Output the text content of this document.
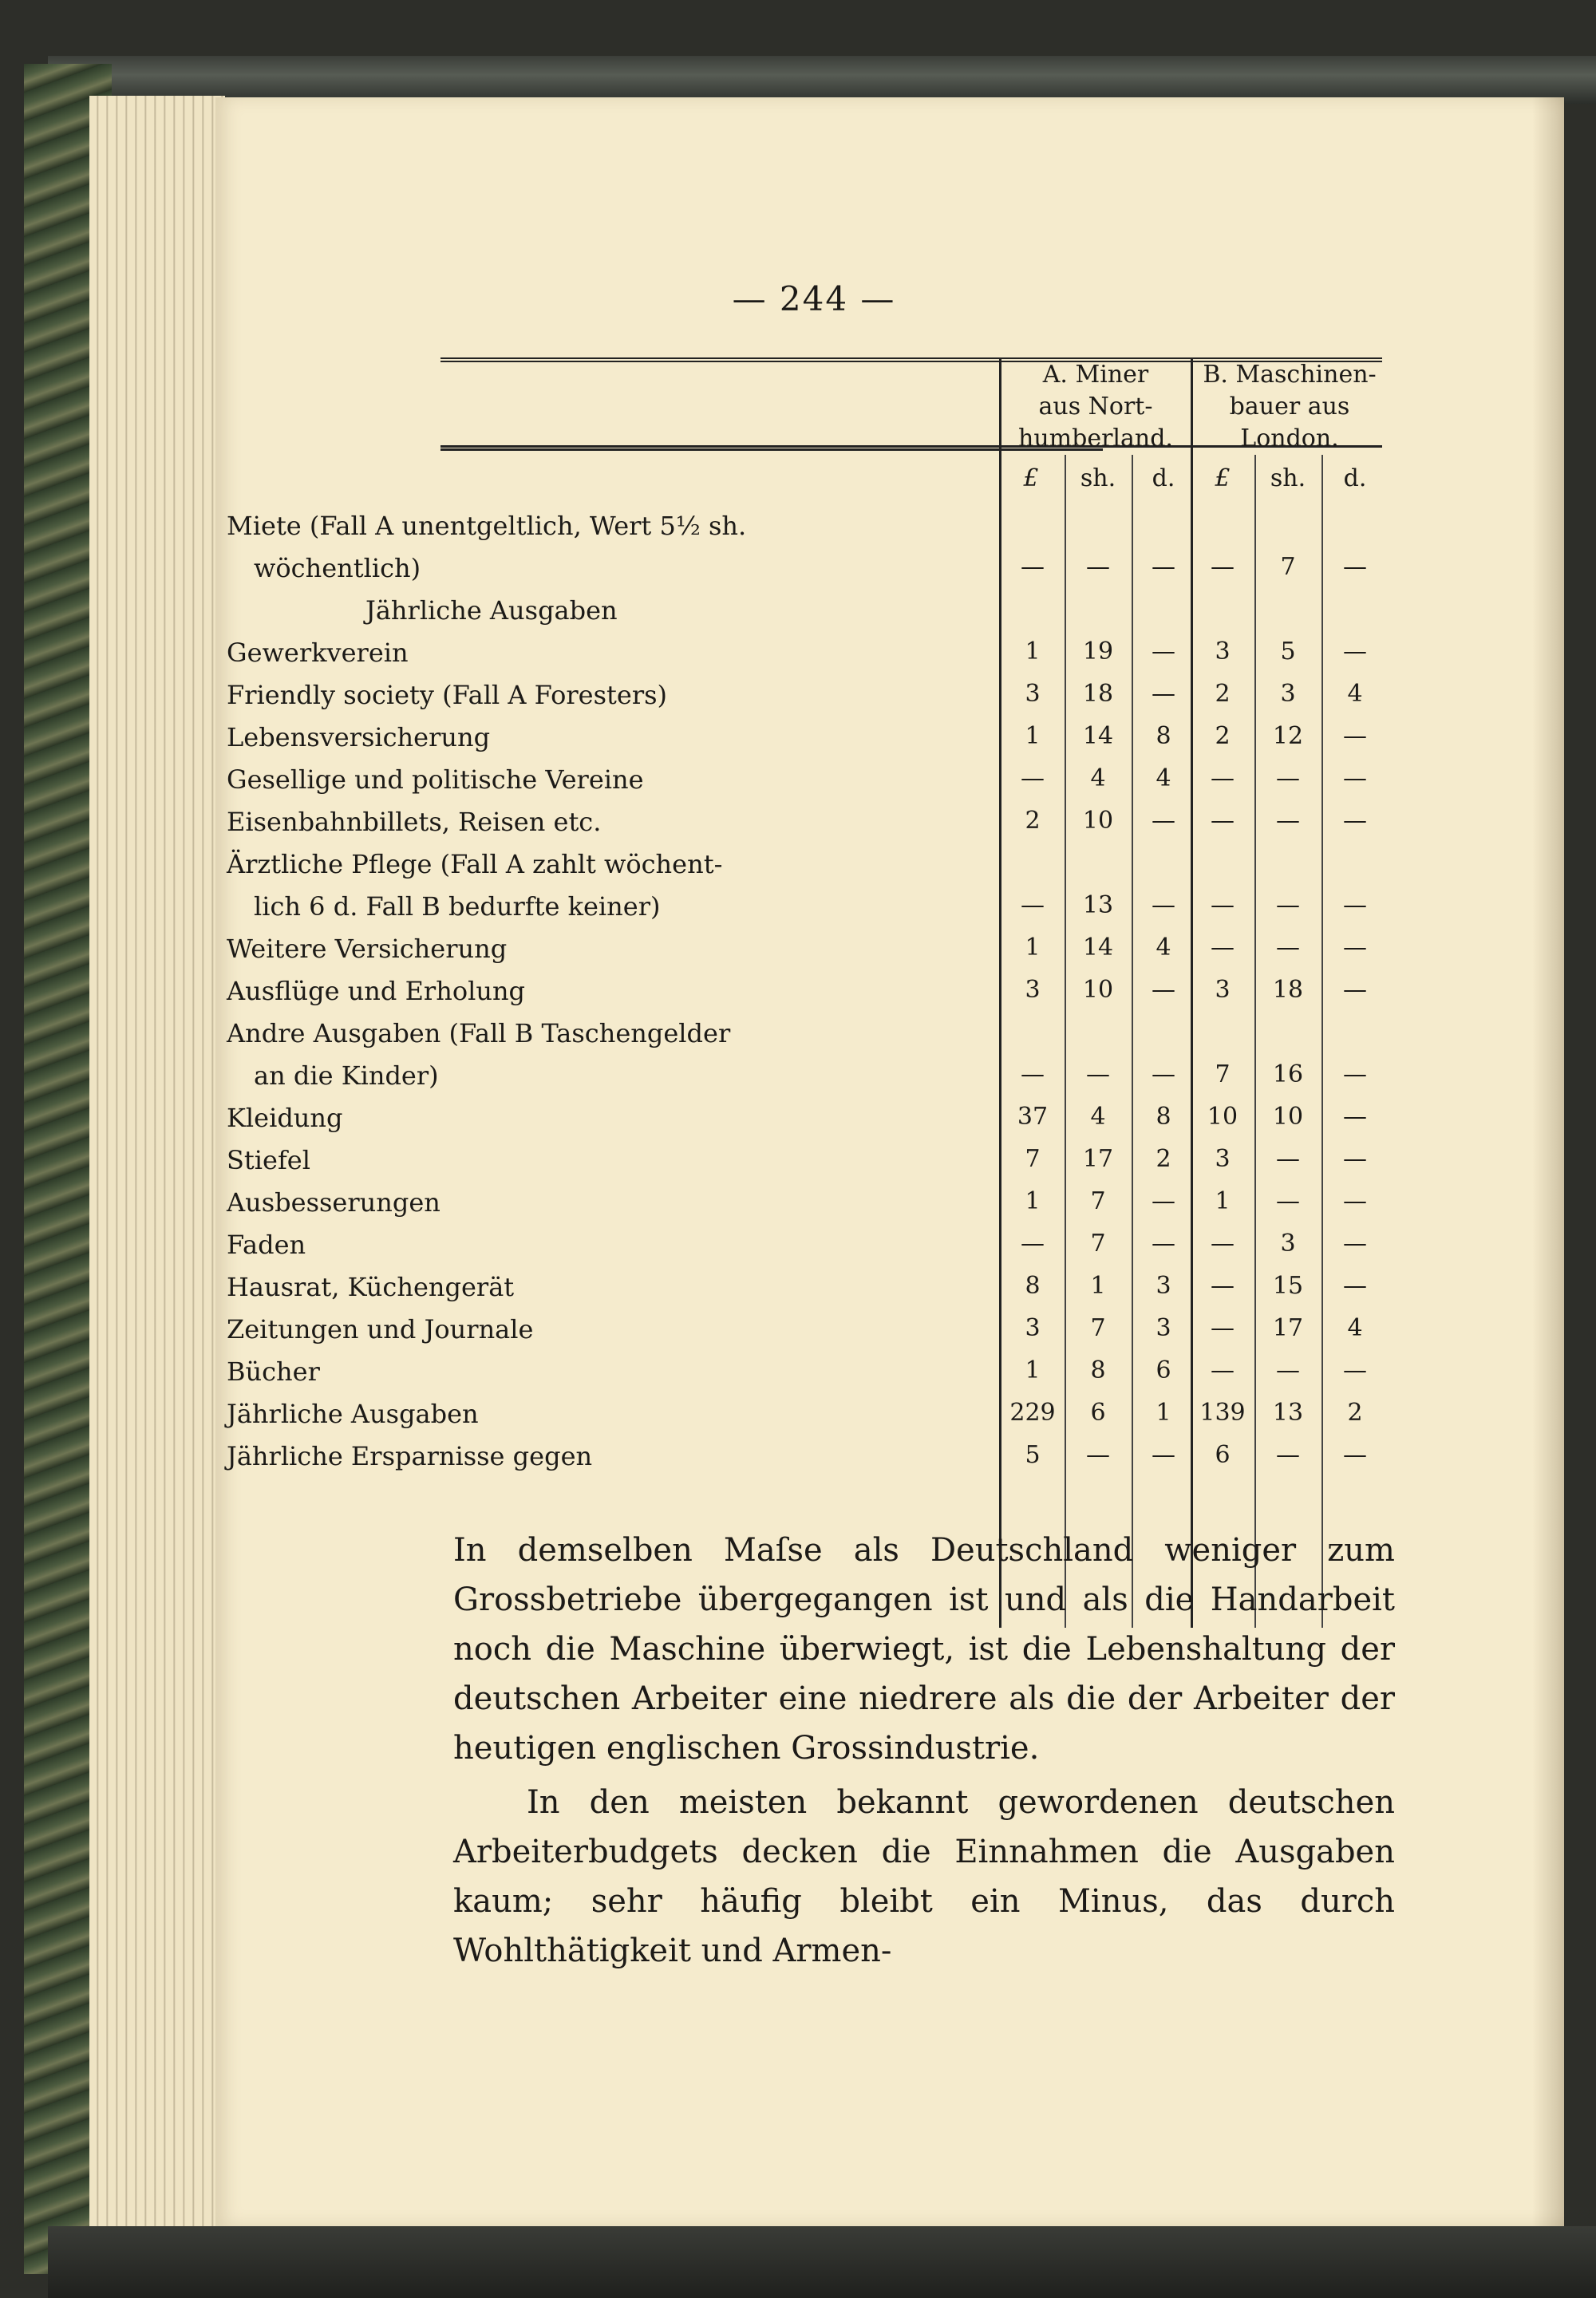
— 244 —
A. Miner
aus Nort-
humberland.
B. Maschinen-
bauer aus
London.
£	sh.	d.	£	sh.	d.
Miete (Fall A unentgeltlich, Wert 5½ sh.
wöchentlich)	—	—	—	—	7	—
Jährliche Ausgaben
Gewerkverein	1	19	—	3	5	—
Friendly society (Fall A Foresters)	3	18	—	2	3	4
Lebensversicherung	1	14	8	2	12	—
Gesellige und politische Vereine	—	4	4	—	—	—
Eisenbahnbillets, Reisen etc.	2	10	—	—	—	—
Ärztliche Pflege (Fall A zahlt wöchent-
lich 6 d. Fall B bedurfte keiner)	—	13	—	—	—	—
Weitere Versicherung	1	14	4	—	—	—
Ausflüge und Erholung	3	10	—	3	18	—
Andre Ausgaben (Fall B Taschengelder
an die Kinder)	—	—	—	7	16	—
Kleidung	37	4	8	10	10	—
Stiefel	7	17	2	3	—	—
Ausbesserungen	1	7	—	1	—	—
Faden	—	7	—	—	3	—
Hausrat, Küchengerät	8	1	3	—	15	—
Zeitungen und Journale	3	7	3	—	17	4
Bücher	1	8	6	—	—	—
Jährliche Ausgaben	229	6	1	139	13	2
Jährliche Ersparnisse gegen	5	—	—	6	—	—

In demselben Maſse als Deutschland weniger zum Grossbetriebe übergegangen ist und als die Handarbeit noch die Maschine überwiegt, ist die Lebenshaltung der deutschen Arbeiter eine niedrere als die der Arbeiter der heutigen englischen Grossindustrie.

In den meisten bekannt gewordenen deutschen Arbeiterbudgets decken die Einnahmen die Ausgaben kaum; sehr häufig bleibt ein Minus, das durch Wohlthätigkeit und Armen-
